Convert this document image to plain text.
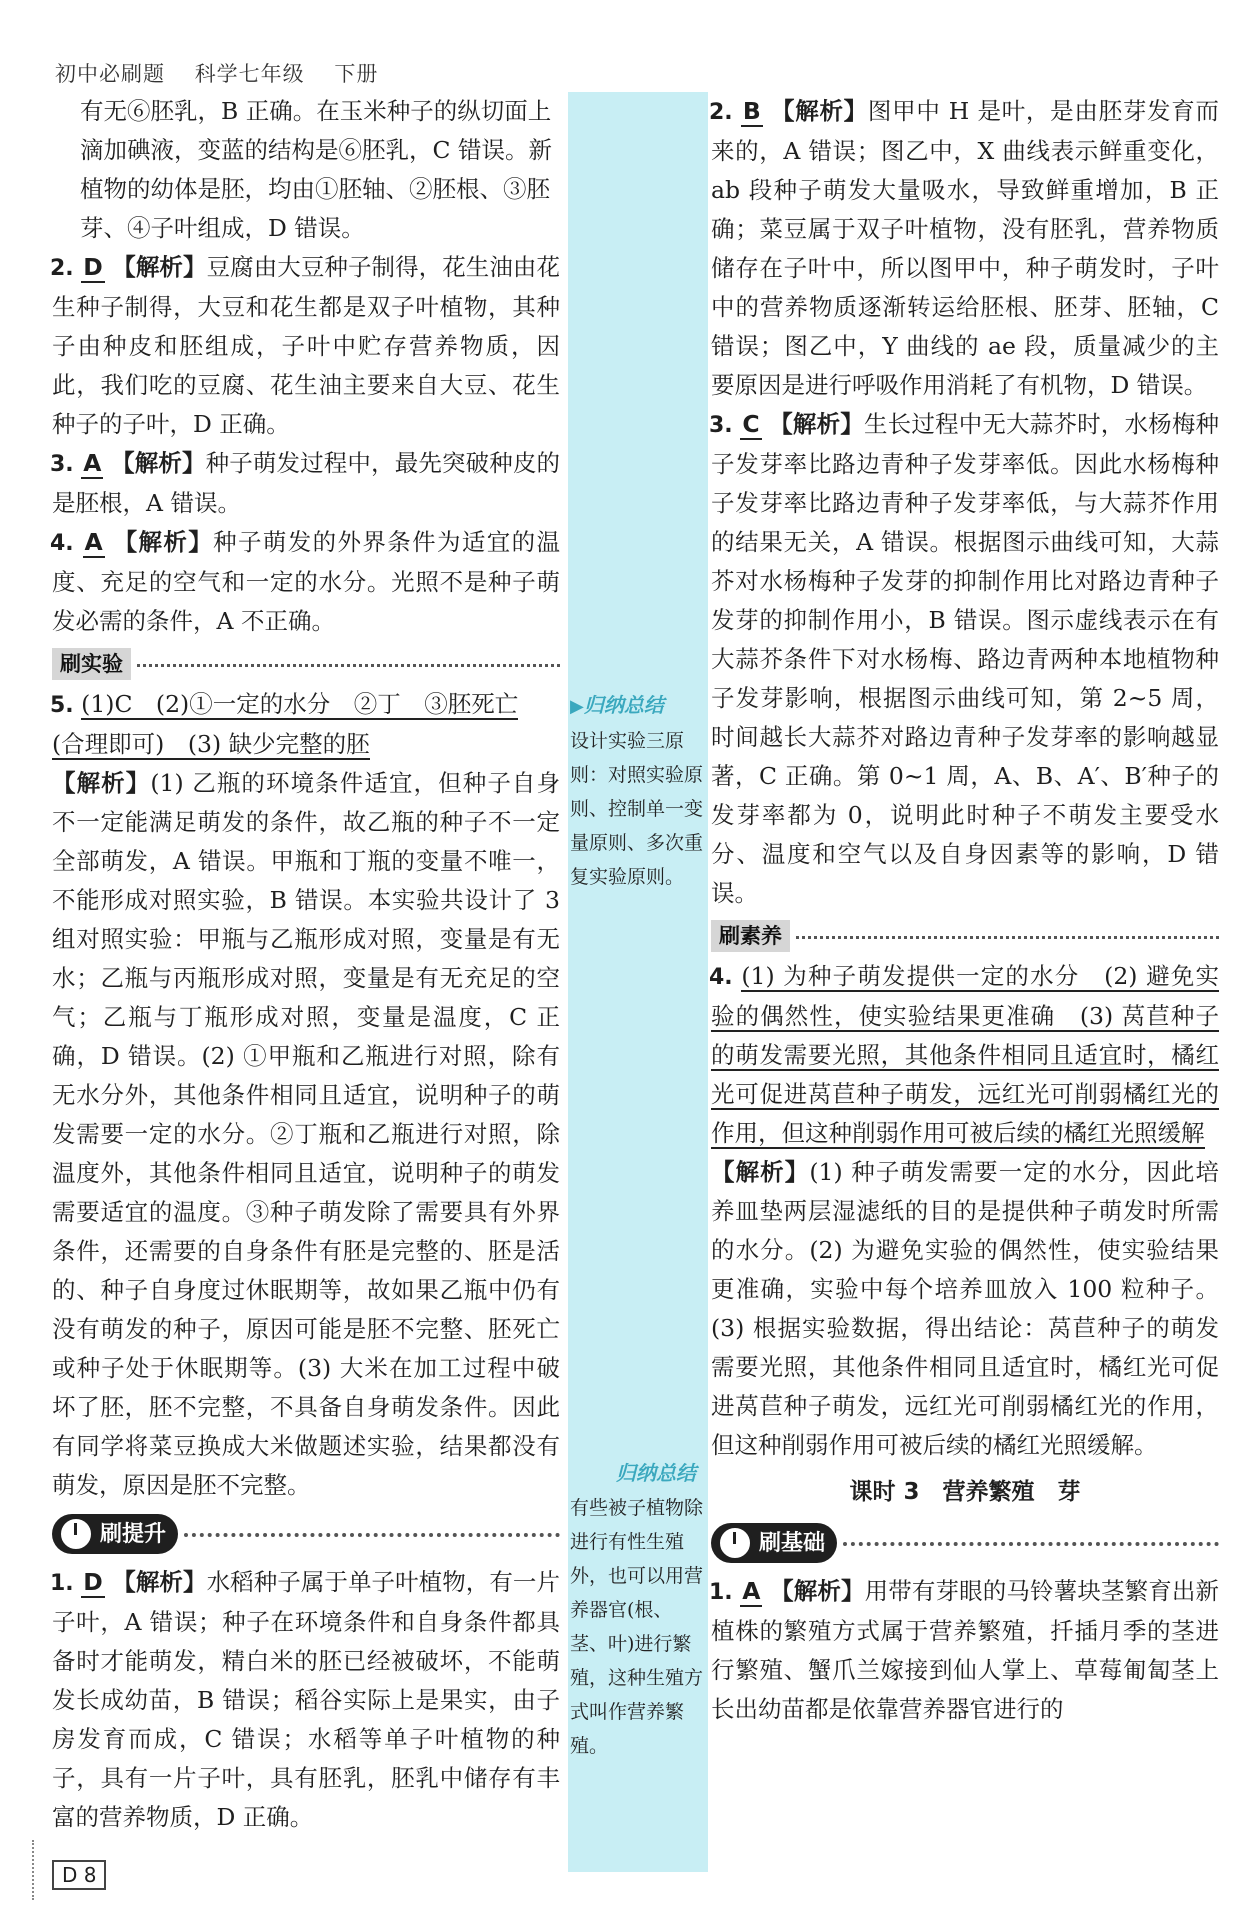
初中必刷题 科学七年级 下册
▶归纳总结
设计实验三原则：对照实验原则、控制单一变量原则、多次重复实验原则。
归纳总结
有些被子植物除进行有性生殖外，也可以用营养器官(根、茎、叶)进行繁殖，这种生殖方式叫作营养繁殖。

有无⑥胚乳，B 正确。在玉米种子的纵切面上

滴加碘液，变蓝的结构是⑥胚乳，C 错误。新

植物的幼体是胚，均由①胚轴、②胚根、③胚

芽、④子叶组成，D 错误。

2. D 【解析】豆腐由大豆种子制得，花生油由花生种子制得，大豆和花生都是双子叶植物，其种子由种皮和胚组成，子叶中贮存营养物质，因此，我们吃的豆腐、花生油主要来自大豆、花生种子的子叶，D 正确。

3. A 【解析】种子萌发过程中，最先突破种皮的是胚根，A 错误。

4. A 【解析】种子萌发的外界条件为适宜的温度、充足的空气和一定的水分。光照不是种子萌发必需的条件，A 不正确。

刷实验

5. (1)C　(2)①一定的水分　②丁　③胚死亡
(合理即可)　(3) 缺少完整的胚

【解析】(1) 乙瓶的环境条件适宜，但种子自身不一定能满足萌发的条件，故乙瓶的种子不一定全部萌发，A 错误。甲瓶和丁瓶的变量不唯一，不能形成对照实验，B 错误。本实验共设计了 3 组对照实验：甲瓶与乙瓶形成对照，变量是有无水；乙瓶与丙瓶形成对照，变量是有无充足的空气；乙瓶与丁瓶形成对照，变量是温度，C 正确，D 错误。(2) ①甲瓶和乙瓶进行对照，除有无水分外，其他条件相同且适宜，说明种子的萌发需要一定的水分。②丁瓶和乙瓶进行对照，除温度外，其他条件相同且适宜，说明种子的萌发需要适宜的温度。③种子萌发除了需要具有外界条件，还需要的自身条件有胚是完整的、胚是活的、种子自身度过休眠期等，故如果乙瓶中仍有没有萌发的种子，原因可能是胚不完整、胚死亡或种子处于休眠期等。(3) 大米在加工过程中破坏了胚，胚不完整，不具备自身萌发条件。因此有同学将菜豆换成大米做题述实验，结果都没有萌发，原因是胚不完整。

刷提升

1. D 【解析】水稻种子属于单子叶植物，有一片子叶，A 错误；种子在环境条件和自身条件都具备时才能萌发，精白米的胚已经被破坏，不能萌发长成幼苗，B 错误；稻谷实际上是果实，由子房发育而成，C 错误；水稻等单子叶植物的种子，具有一片子叶，具有胚乳，胚乳中储存有丰富的营养物质，D 正确。

2. B 【解析】图甲中 H 是叶，是由胚芽发育而来的，A 错误；图乙中，X 曲线表示鲜重变化，ab 段种子萌发大量吸水，导致鲜重增加，B 正确；菜豆属于双子叶植物，没有胚乳，营养物质储存在子叶中，所以图甲中，种子萌发时，子叶中的营养物质逐渐转运给胚根、胚芽、胚轴，C 错误；图乙中，Y 曲线的 ae 段，质量减少的主要原因是进行呼吸作用消耗了有机物，D 错误。

3. C 【解析】生长过程中无大蒜芥时，水杨梅种子发芽率比路边青种子发芽率低。因此水杨梅种子发芽率比路边青种子发芽率低，与大蒜芥作用的结果无关，A 错误。根据图示曲线可知，大蒜芥对水杨梅种子发芽的抑制作用比对路边青种子发芽的抑制作用小，B 错误。图示虚线表示在有大蒜芥条件下对水杨梅、路边青两种本地植物种子发芽影响，根据图示曲线可知，第 2~5 周，时间越长大蒜芥对路边青种子发芽率的影响越显著，C 正确。第 0~1 周，A、B、A′、B′种子的发芽率都为 0，说明此时种子不萌发主要受水分、温度和空气以及自身因素等的影响，D 错误。

刷素养

4. (1) 为种子萌发提供一定的水分　(2) 避免实验的偶然性，使实验结果更准确　(3) 莴苣种子的萌发需要光照，其他条件相同且适宜时，橘红光可促进莴苣种子萌发，远红光可削弱橘红光的作用，但这种削弱作用可被后续的橘红光照缓解

【解析】(1) 种子萌发需要一定的水分，因此培养皿垫两层湿滤纸的目的是提供种子萌发时所需的水分。(2) 为避免实验的偶然性，使实验结果更准确，实验中每个培养皿放入 100 粒种子。(3) 根据实验数据，得出结论：莴苣种子的萌发需要光照，其他条件相同且适宜时，橘红光可促进莴苣种子萌发，远红光可削弱橘红光的作用，但这种削弱作用可被后续的橘红光照缓解。

课时 3　营养繁殖　芽
刷基础

1. A 【解析】用带有芽眼的马铃薯块茎繁育出新植株的繁殖方式属于营养繁殖，扦插月季的茎进行繁殖、蟹爪兰嫁接到仙人掌上、草莓匍匐茎上长出幼苗都是依靠营养器官进行的

D 8
